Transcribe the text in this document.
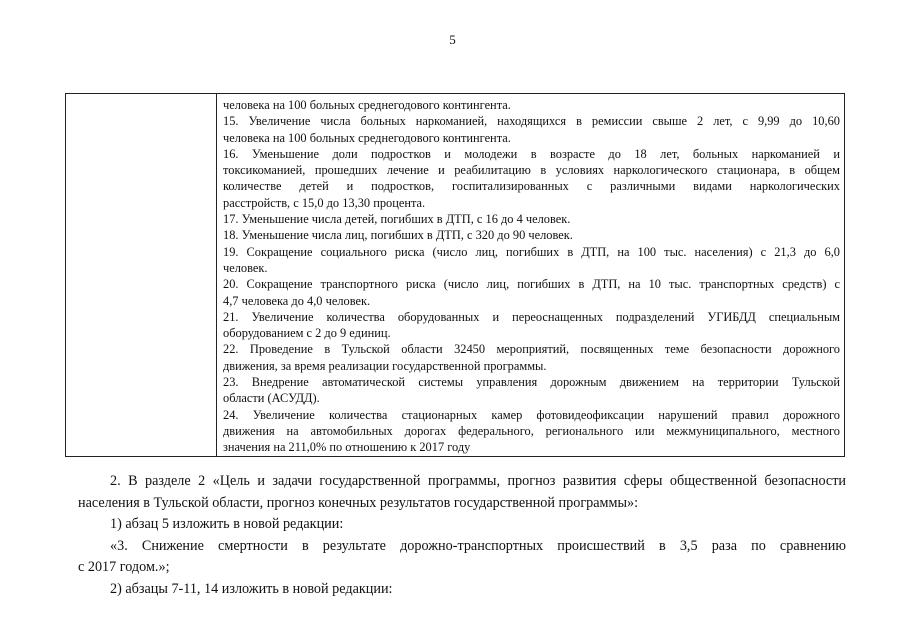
5
человека на 100 больных среднегодового контингента.
15. Увеличение числа больных наркоманией, находящихся в ремиссии свыше 2 лет, с 9,99 до 10,60
человека на 100 больных среднегодового контингента.
16. Уменьшение доли подростков и молодежи в возрасте до 18 лет, больных наркоманией и
токсикоманией, прошедших лечение и реабилитацию в условиях наркологического стационара, в общем
количестве детей и подростков, госпитализированных с различными видами наркологических
расстройств, с 15,0 до 13,30 процента.
17. Уменьшение числа детей, погибших в ДТП, с 16 до 4 человек.
18. Уменьшение числа лиц, погибших в ДТП, с 320 до 90 человек.
19. Сокращение социального риска (число лиц, погибших в ДТП, на 100 тыс. населения) с 21,3 до 6,0
человек.
20. Сокращение транспортного риска (число лиц, погибших в ДТП, на 10 тыс. транспортных средств) с
4,7 человека до 4,0 человек.
21. Увеличение количества оборудованных и переоснащенных подразделений УГИБДД специальным
оборудованием с 2 до 9 единиц.
22. Проведение в Тульской области 32450 мероприятий, посвященных теме безопасности дорожного
движения, за время реализации государственной программы.
23. Внедрение автоматической системы управления дорожным движением на территории Тульской
области (АСУДД).
24. Увеличение количества стационарных камер фотовидеофиксации нарушений правил дорожного
движения на автомобильных дорогах федерального, регионального или межмуниципального, местного
значения на 211,0% по отношению к 2017 году
2. В разделе 2 «Цель и задачи государственной программы, прогноз развития сферы общественной безопасности
населения в Тульской области, прогноз конечных результатов государственной программы»:
1) абзац 5 изложить в новой редакции:
«3. Снижение смертности в результате дорожно-транспортных происшествий в 3,5 раза по сравнению
с 2017 годом.»;
2) абзацы 7-11, 14 изложить в новой редакции:
